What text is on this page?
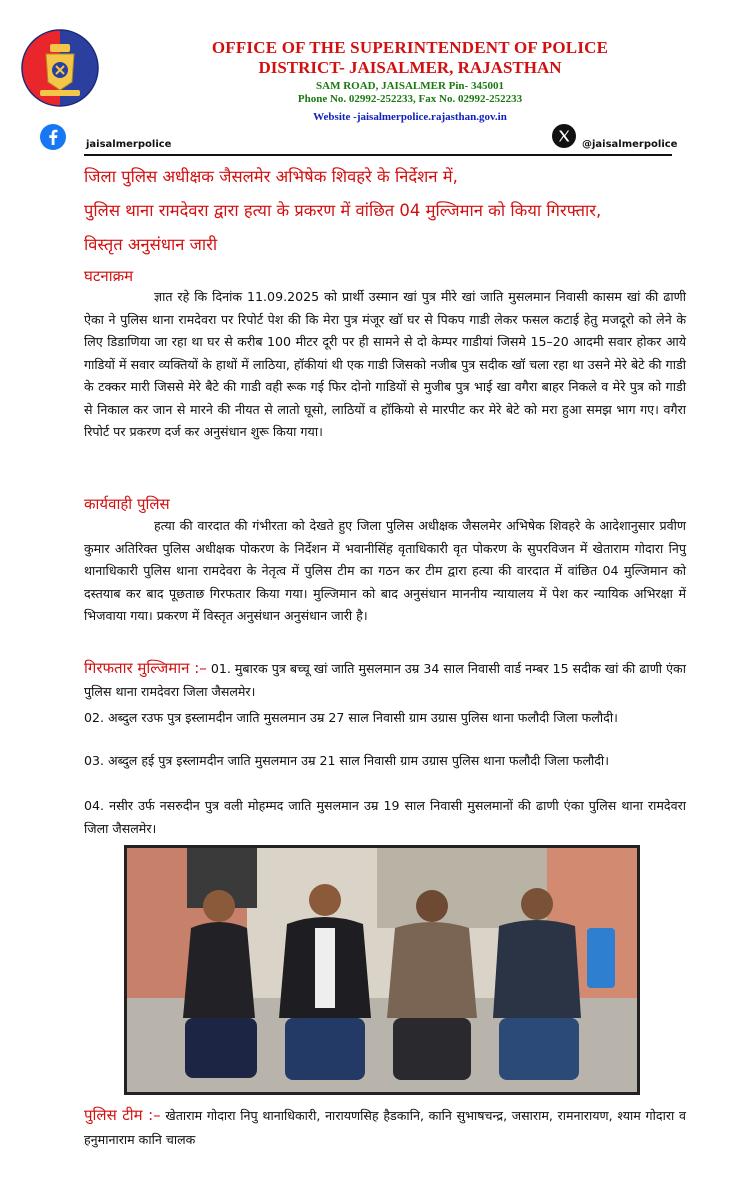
OFFICE OF THE SUPERINTENDENT OF POLICE
DISTRICT- JAISALMER, RAJASTHAN
SAM ROAD, JAISALMER Pin- 345001
Phone No. 02992-252233, Fax No. 02992-252233
Website -jaisalmerpolice.rajasthan.gov.in
jaisalmerpolice	@jaisalmerpolice
जिला पुलिस अधीक्षक जैसलमेर अभिषेक शिवहरे के निर्देशन में,
पुलिस थाना रामदेवरा द्वारा हत्या के प्रकरण में वांछित 04 मुल्जिमान को किया गिरफ्तार,
विस्तृत अनुसंधान जारी
घटनाक्रम
ज्ञात रहे कि दिनांक 11.09.2025 को प्रार्थी उस्मान खां पुत्र मीरे खां जाति मुसलमान निवासी कासम खां की ढाणी ऐका ने पुलिस थाना रामदेवरा पर रिपोर्ट पेश की कि मेरा पुत्र मंजूर खॉ घर से पिकप गाडी लेकर फसल कटाई हेतु मजदूरो को लेने के लिए डिडाणिया जा रहा था घर से करीब 100 मीटर दूरी पर ही सामने से दो केम्पर गाडीयां जिसमे 15–20 आदमी सवार होकर आये गाडियों में सवार व्यक्तियों के हाथों में लाठिया, हॉकीयां थी एक गाडी जिसको नजीब पुत्र सदीक खॉ चला रहा था उसने मेरे बेटे की गाडी के टक्कर मारी जिससे मेरे बैटे की गाडी वही रूक गई फिर दोनो गाडियों से मुजीब पुत्र भाई खा वगैरा बाहर निकले व मेरे पुत्र को गाडी से निकाल कर जान से मारने की नीयत से लातो घूसो, लाठियों व हॉकियो से मारपीट कर मेरे बेटे को मरा हुआ समझ भाग गए। वगैरा रिपोर्ट पर प्रकरण दर्ज कर अनुसंधान शुरू किया गया।
कार्यवाही पुलिस
हत्या की वारदात की गंभीरता को देखते हुए जिला पुलिस अधीक्षक जैसलमेर अभिषेक शिवहरे के आदेशानुसार प्रवीण कुमार अतिरिक्त पुलिस अधीक्षक पोकरण के निर्देशन में भवानीसिंह वृताधिकारी वृत पोकरण के सुपरविजन में खेताराम गोदारा निपु थानाधिकारी पुलिस थाना रामदेवरा के नेतृत्व में पुलिस टीम का गठन कर टीम द्वारा हत्या की वारदात में वांछित 04 मुल्जिमान को दस्तयाब कर बाद पूछताछ गिरफतार किया गया। मुल्जिमान को बाद अनुसंधान माननीय न्यायालय में पेश कर न्यायिक अभिरक्षा में भिजवाया गया। प्रकरण में विस्तृत अनुसंधान अनुसंधान जारी है।
गिरफतार मुल्जिमान :– 01. मुबारक पुत्र बच्चू खां जाति मुसलमान उम्र 34 साल निवासी वार्ड नम्बर 15 सदीक खां की ढाणी एंका पुलिस थाना रामदेवरा जिला जैसलमेर।
02. अब्दुल रउफ पुत्र इस्लामदीन जाति मुसलमान उम्र 27 साल निवासी ग्राम उग्रास पुलिस थाना फलौदी जिला फलौदी।
03. अब्दुल हई पुत्र इस्लामदीन जाति मुसलमान उम्र 21 साल निवासी ग्राम उग्रास पुलिस थाना फलौदी जिला फलौदी।
04. नसीर उर्फ नसरुदीन पुत्र वली मोहम्मद जाति मुसलमान उम्र 19 साल निवासी मुसलमानों की ढाणी एंका पुलिस थाना रामदेवरा जिला जैसलमेर।
पुलिस टीम :– खेताराम गोदारा निपु थानाधिकारी, नारायणसिह हैडकानि, कानि सुभाषचन्द्र, जसाराम, रामनारायण, श्याम गोदारा व हनुमानाराम कानि चालक
